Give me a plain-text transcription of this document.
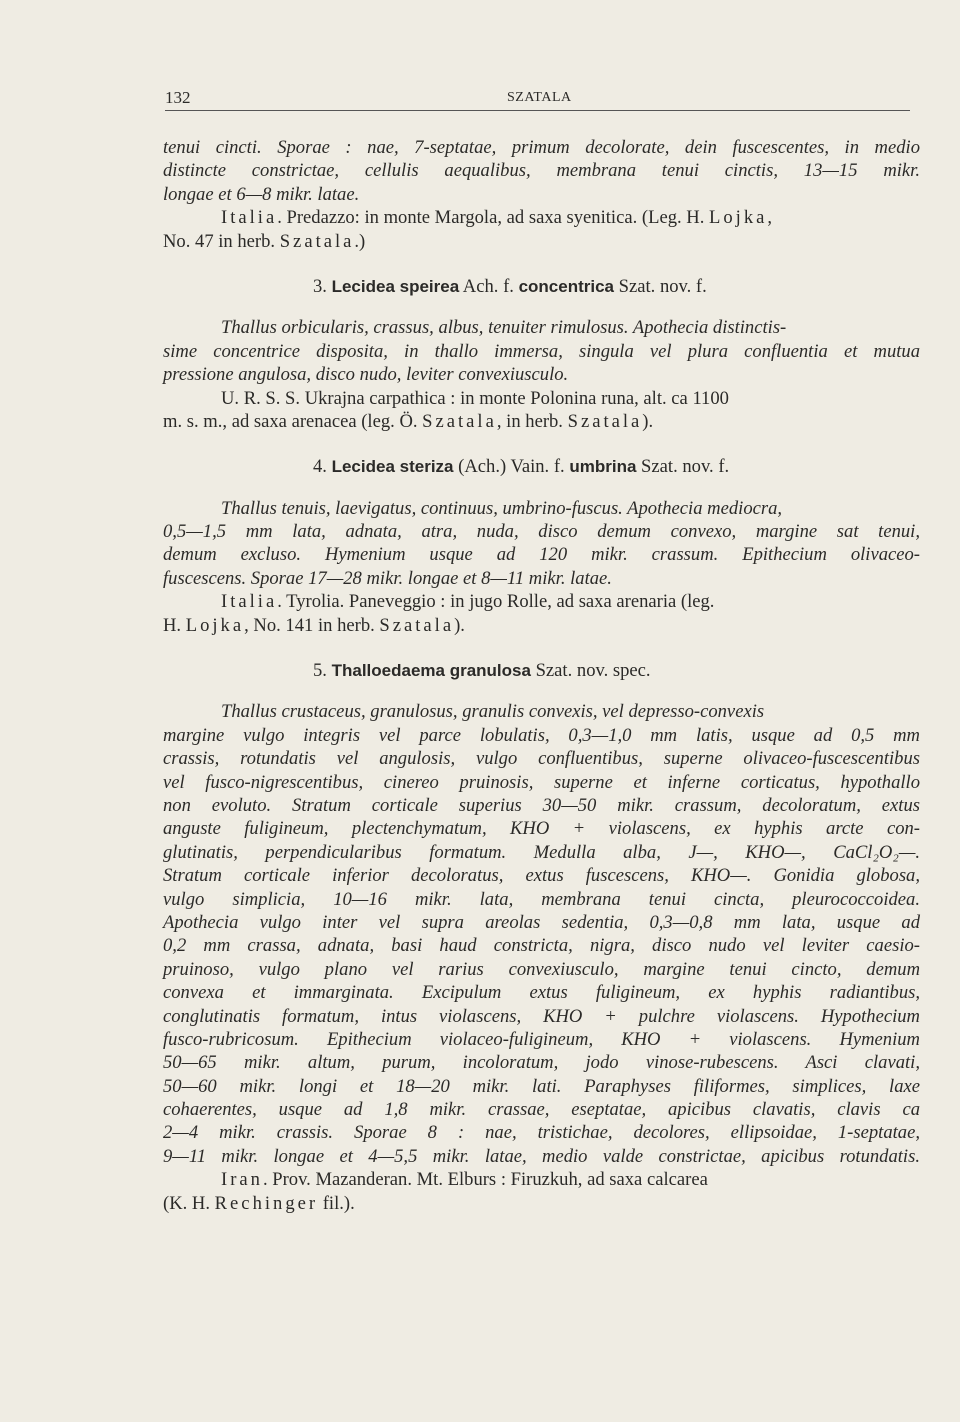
132	SZATALA
tenui cincti. Sporae : nae, 7-septatae, primum decolorate, dein fuscescentes, in medio
distincte constrictae, cellulis aequalibus, membrana tenui cinctis, 13—15 mikr.
longae et 6—8 mikr. latae.
Italia. Predazzo: in monte Margola, ad saxa syenitica. (Leg. H. Lojka,
No. 47 in herb. Szatala.)
3. Lecidea speirea Ach. f. concentrica Szat. nov. f.
Thallus orbicularis, crassus, albus, tenuiter rimulosus. Apothecia distinctis-
sime concentrice disposita, in thallo immersa, singula vel plura confluentia et mutua
pressione angulosa, disco nudo, leviter convexiusculo.
U. R. S. S. Ukrajna carpathica : in monte Polonina runa, alt. ca 1100
m. s. m., ad saxa arenacea (leg. Ö. Szatala, in herb. Szatala).
4. Lecidea steriza (Ach.) Vain. f. umbrina Szat. nov. f.
Thallus tenuis, laevigatus, continuus, umbrino-fuscus. Apothecia mediocra,
0,5—1,5 mm lata, adnata, atra, nuda, disco demum convexo, margine sat tenui,
demum excluso. Hymenium usque ad 120 mikr. crassum. Epithecium olivaceo-
fuscescens. Sporae 17—28 mikr. longae et 8—11 mikr. latae.
Italia. Tyrolia. Paneveggio : in jugo Rolle, ad saxa arenaria (leg.
H. Lojka, No. 141 in herb. Szatala).
5. Thalloedaema granulosa Szat. nov. spec.
Thallus crustaceus, granulosus, granulis convexis, vel depresso-convexis
margine vulgo integris vel parce lobulatis, 0,3—1,0 mm latis, usque ad 0,5 mm
crassis, rotundatis vel angulosis, vulgo confluentibus, superne olivaceo-fuscescentibus
vel fusco-nigrescentibus, cinereo pruinosis, superne et inferne corticatus, hypothallo
non evoluto. Stratum corticale superius 30—50 mikr. crassum, decoloratum, extus
anguste fuligineum, plectenchymatum, KHO + violascens, ex hyphis arcte con-
glutinatis, perpendicularibus formatum. Medulla alba, J—, KHO—, CaCl₂O₂—.
Stratum corticale inferior decoloratus, extus fuscescens, KHO—. Gonidia globosa,
vulgo simplicia, 10—16 mikr. lata, membrana tenui cincta, pleurococcoidea.
Apothecia vulgo inter vel supra areolas sedentia, 0,3—0,8 mm lata, usque ad
0,2 mm crassa, adnata, basi haud constricta, nigra, disco nudo vel leviter caesio-
pruinoso, vulgo plano vel rarius convexiusculo, margine tenui cincto, demum
convexa et immarginata. Excipulum extus fuligineum, ex hyphis radiantibus,
conglutinatis formatum, intus violascens, KHO + pulchre violascens. Hypothecium
fusco-rubricosum. Epithecium violaceo-fuligineum, KHO + violascens. Hymenium
50—65 mikr. altum, purum, incoloratum, jodo vinose-rubescens. Asci clavati,
50—60 mikr. longi et 18—20 mikr. lati. Paraphyses filiformes, simplices, laxe
cohaerentes, usque ad 1,8 mikr. crassae, eseptatae, apicibus clavatis, clavis ca
2—4 mikr. crassis. Sporae 8 : nae, tristichae, decolores, ellipsoidae, 1-septatae,
9—11 mikr. longae et 4—5,5 mikr. latae, medio valde constrictae, apicibus rotundatis.
Iran. Prov. Mazanderan. Mt. Elburs : Firuzkuh, ad saxa calcarea
(K. H. Rechinger fil.).
